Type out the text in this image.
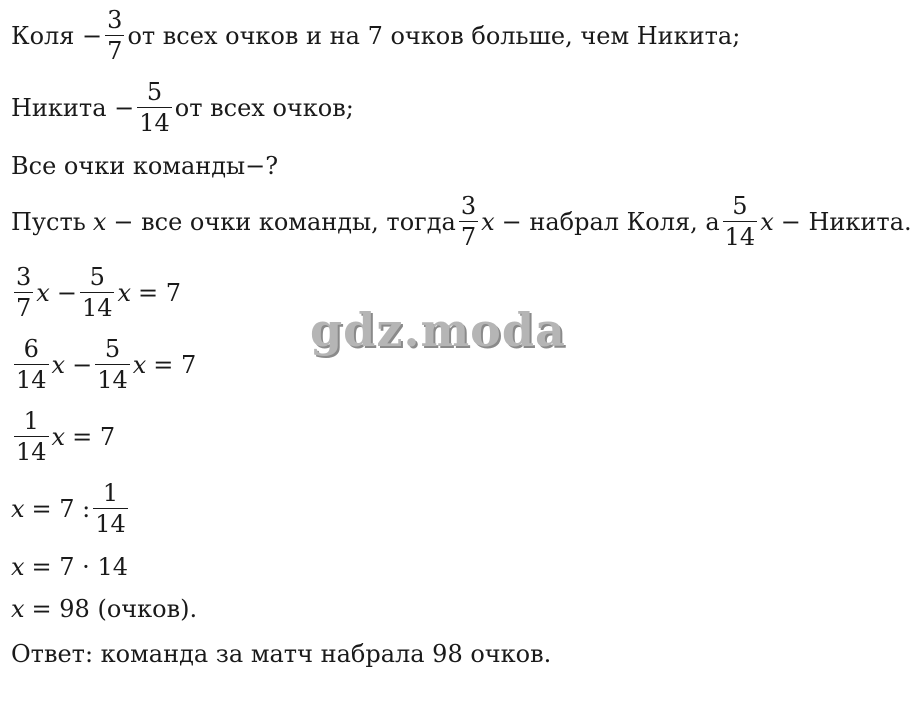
Коля − $\frac{3}{7}$ от всех очков и на 7 очков больше, чем Никита;
Никита − $\frac{5}{14}$ от всех очков;
Все очки команды−?
Пусть x − все очки команды, тогда $\frac{3}{7}$ x − набрал Коля, а $\frac{5}{14}$ x − Никита.
$\frac{3}{7}$ $x - \frac{5}{14}$ x = 7
$\frac{6}{14}$ $x - \frac{5}{14}$ x = 7
$\frac{1}{14}$ x = 7
x = 7 : $\frac{1}{14}$
x = 7 · 14
x = 98 (очков).
Ответ: команда за матч набрала 98 очков.
gdz.moda
